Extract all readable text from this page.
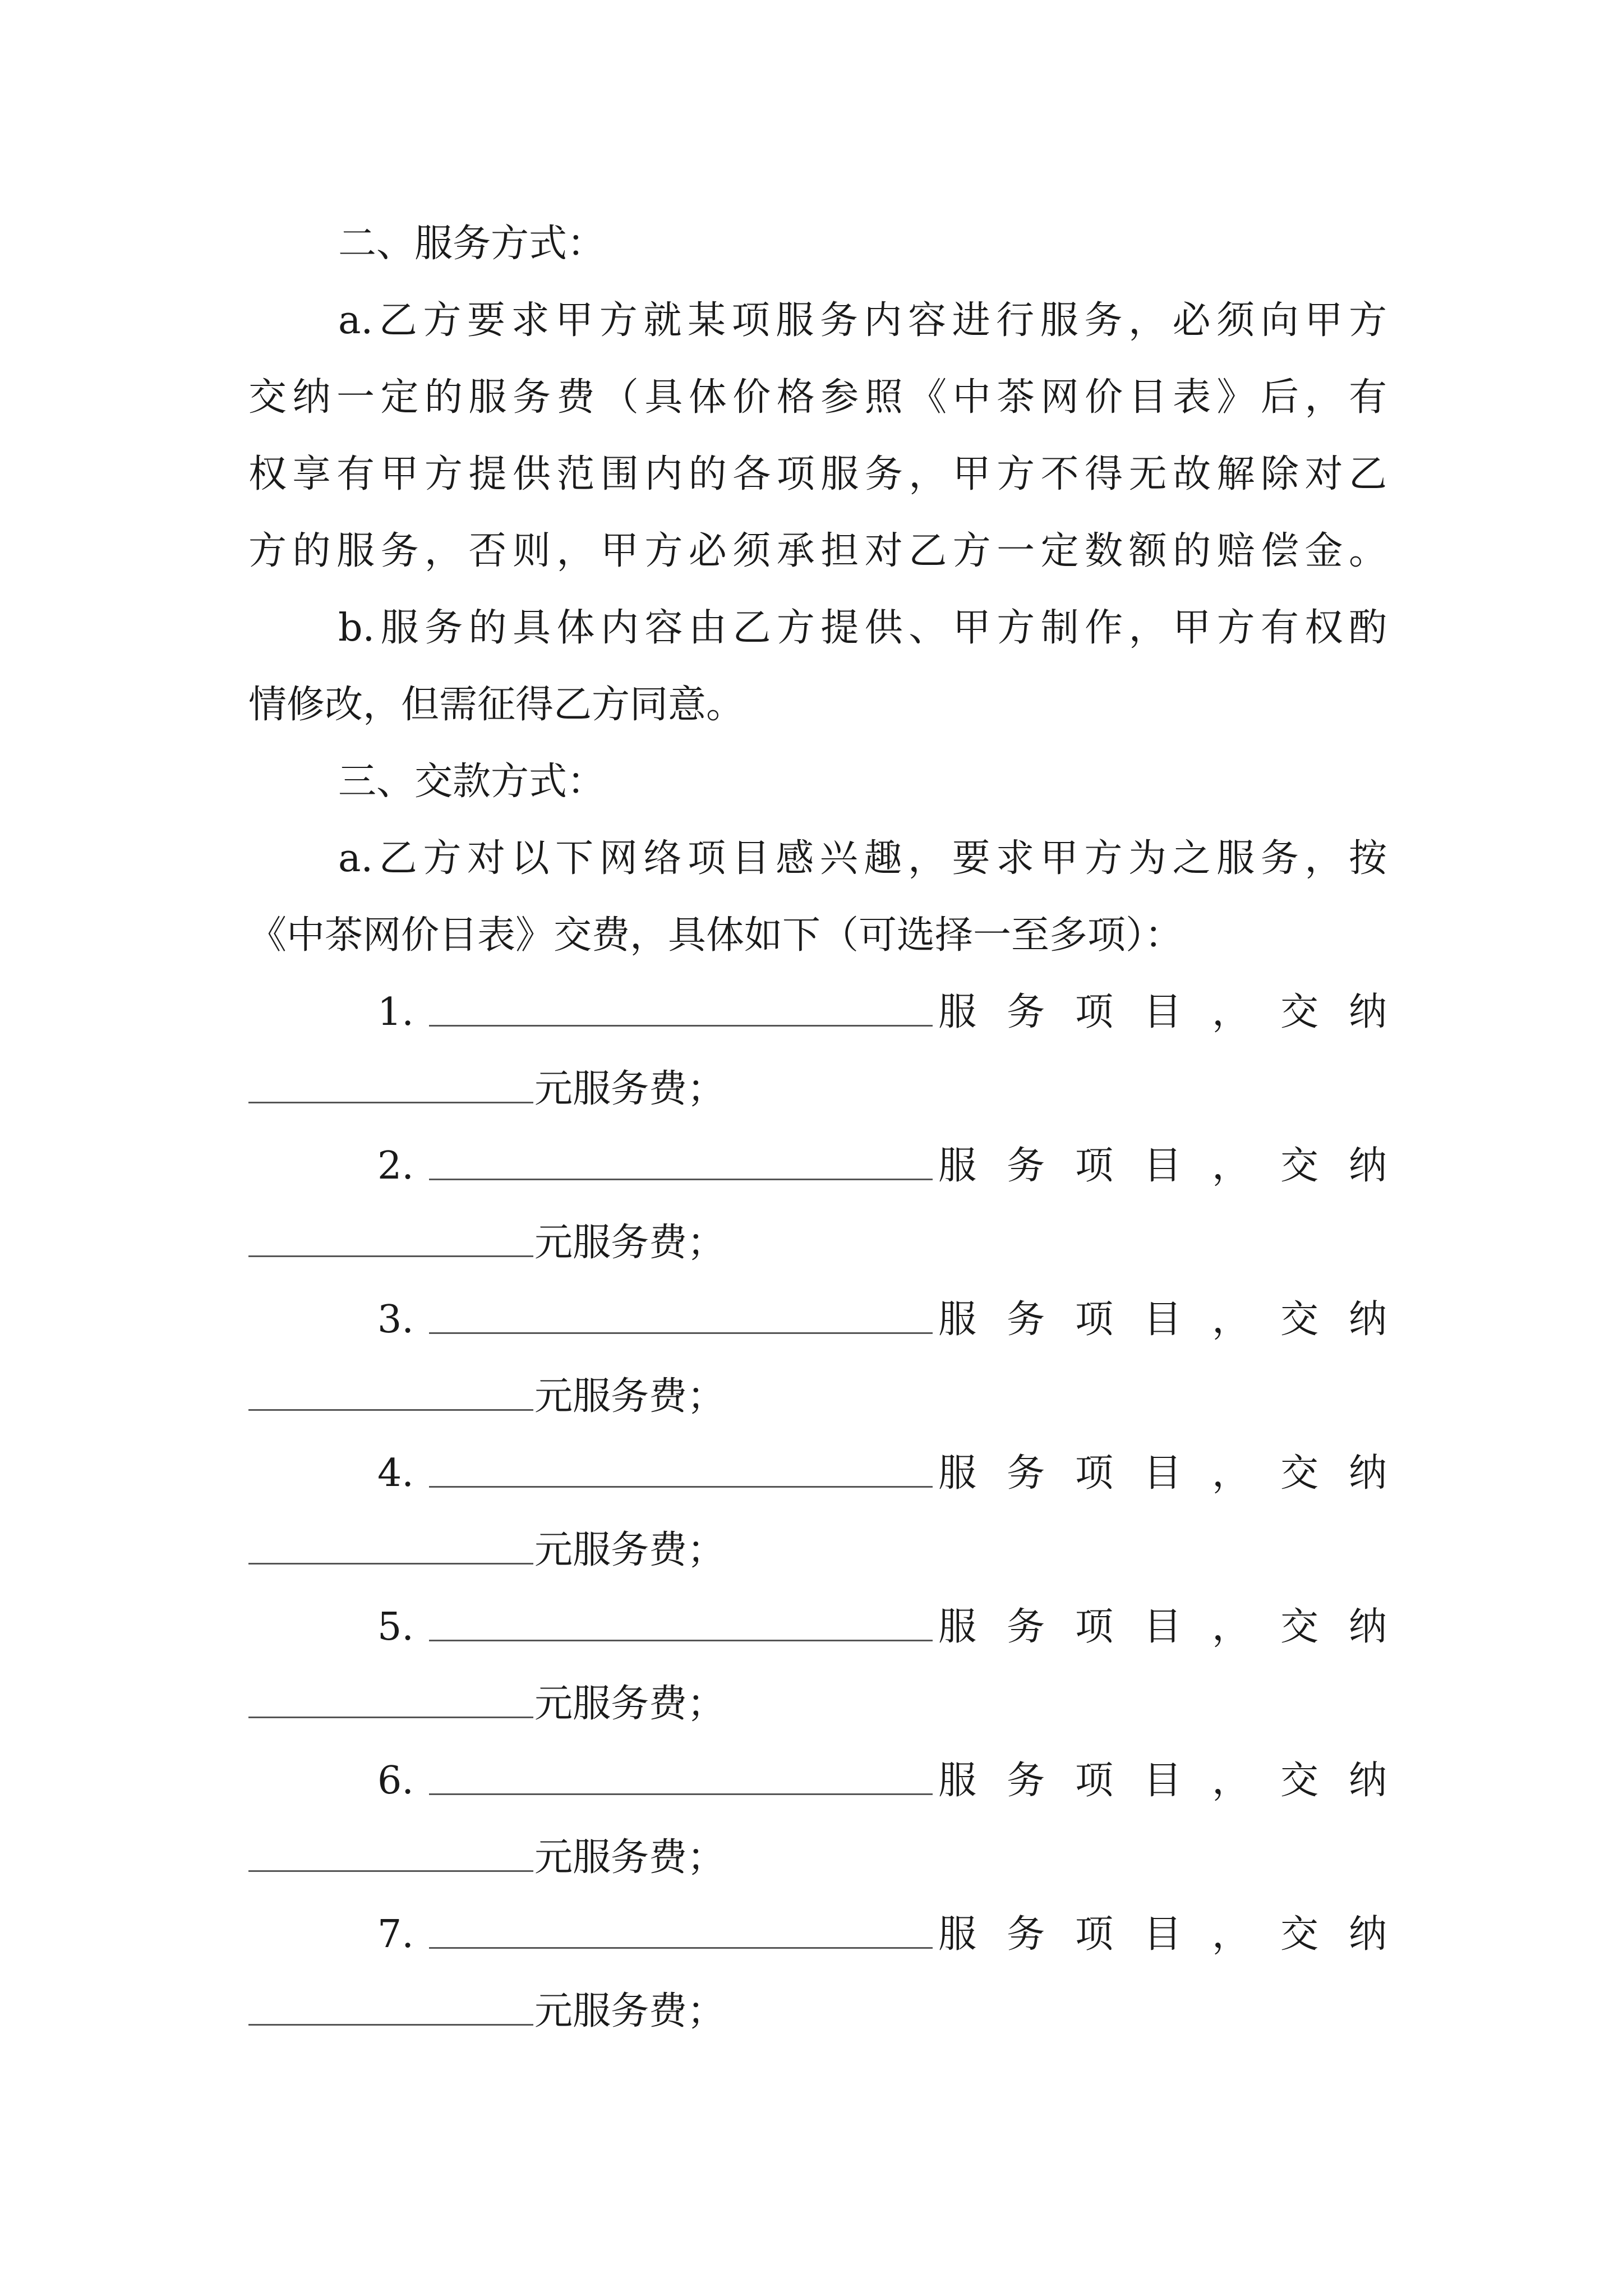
二、服务方式：
a.乙方要求甲方就某项服务内容进行服务，必须向甲方
交纳一定的服务费（具体价格参照《中茶网价目表》后，有
权享有甲方提供范围内的各项服务，甲方不得无故解除对乙
方的服务，否则，甲方必须承担对乙方一定数额的赔偿金。
b.服务的具体内容由乙方提供、甲方制作，甲方有权酌
情修改，但需征得乙方同意。
三、交款方式：
a.乙方对以下网络项目感兴趣，要求甲方为之服务，按
《中茶网价目表》交费，具体如下（可选择一至多项）：
1.	服务项目，交纳
元服务费；
2.	服务项目，交纳
元服务费；
3.	服务项目，交纳
元服务费；
4.	服务项目，交纳
元服务费；
5.	服务项目，交纳
元服务费；
6.	服务项目，交纳
元服务费；
7.	服务项目，交纳
元服务费；
